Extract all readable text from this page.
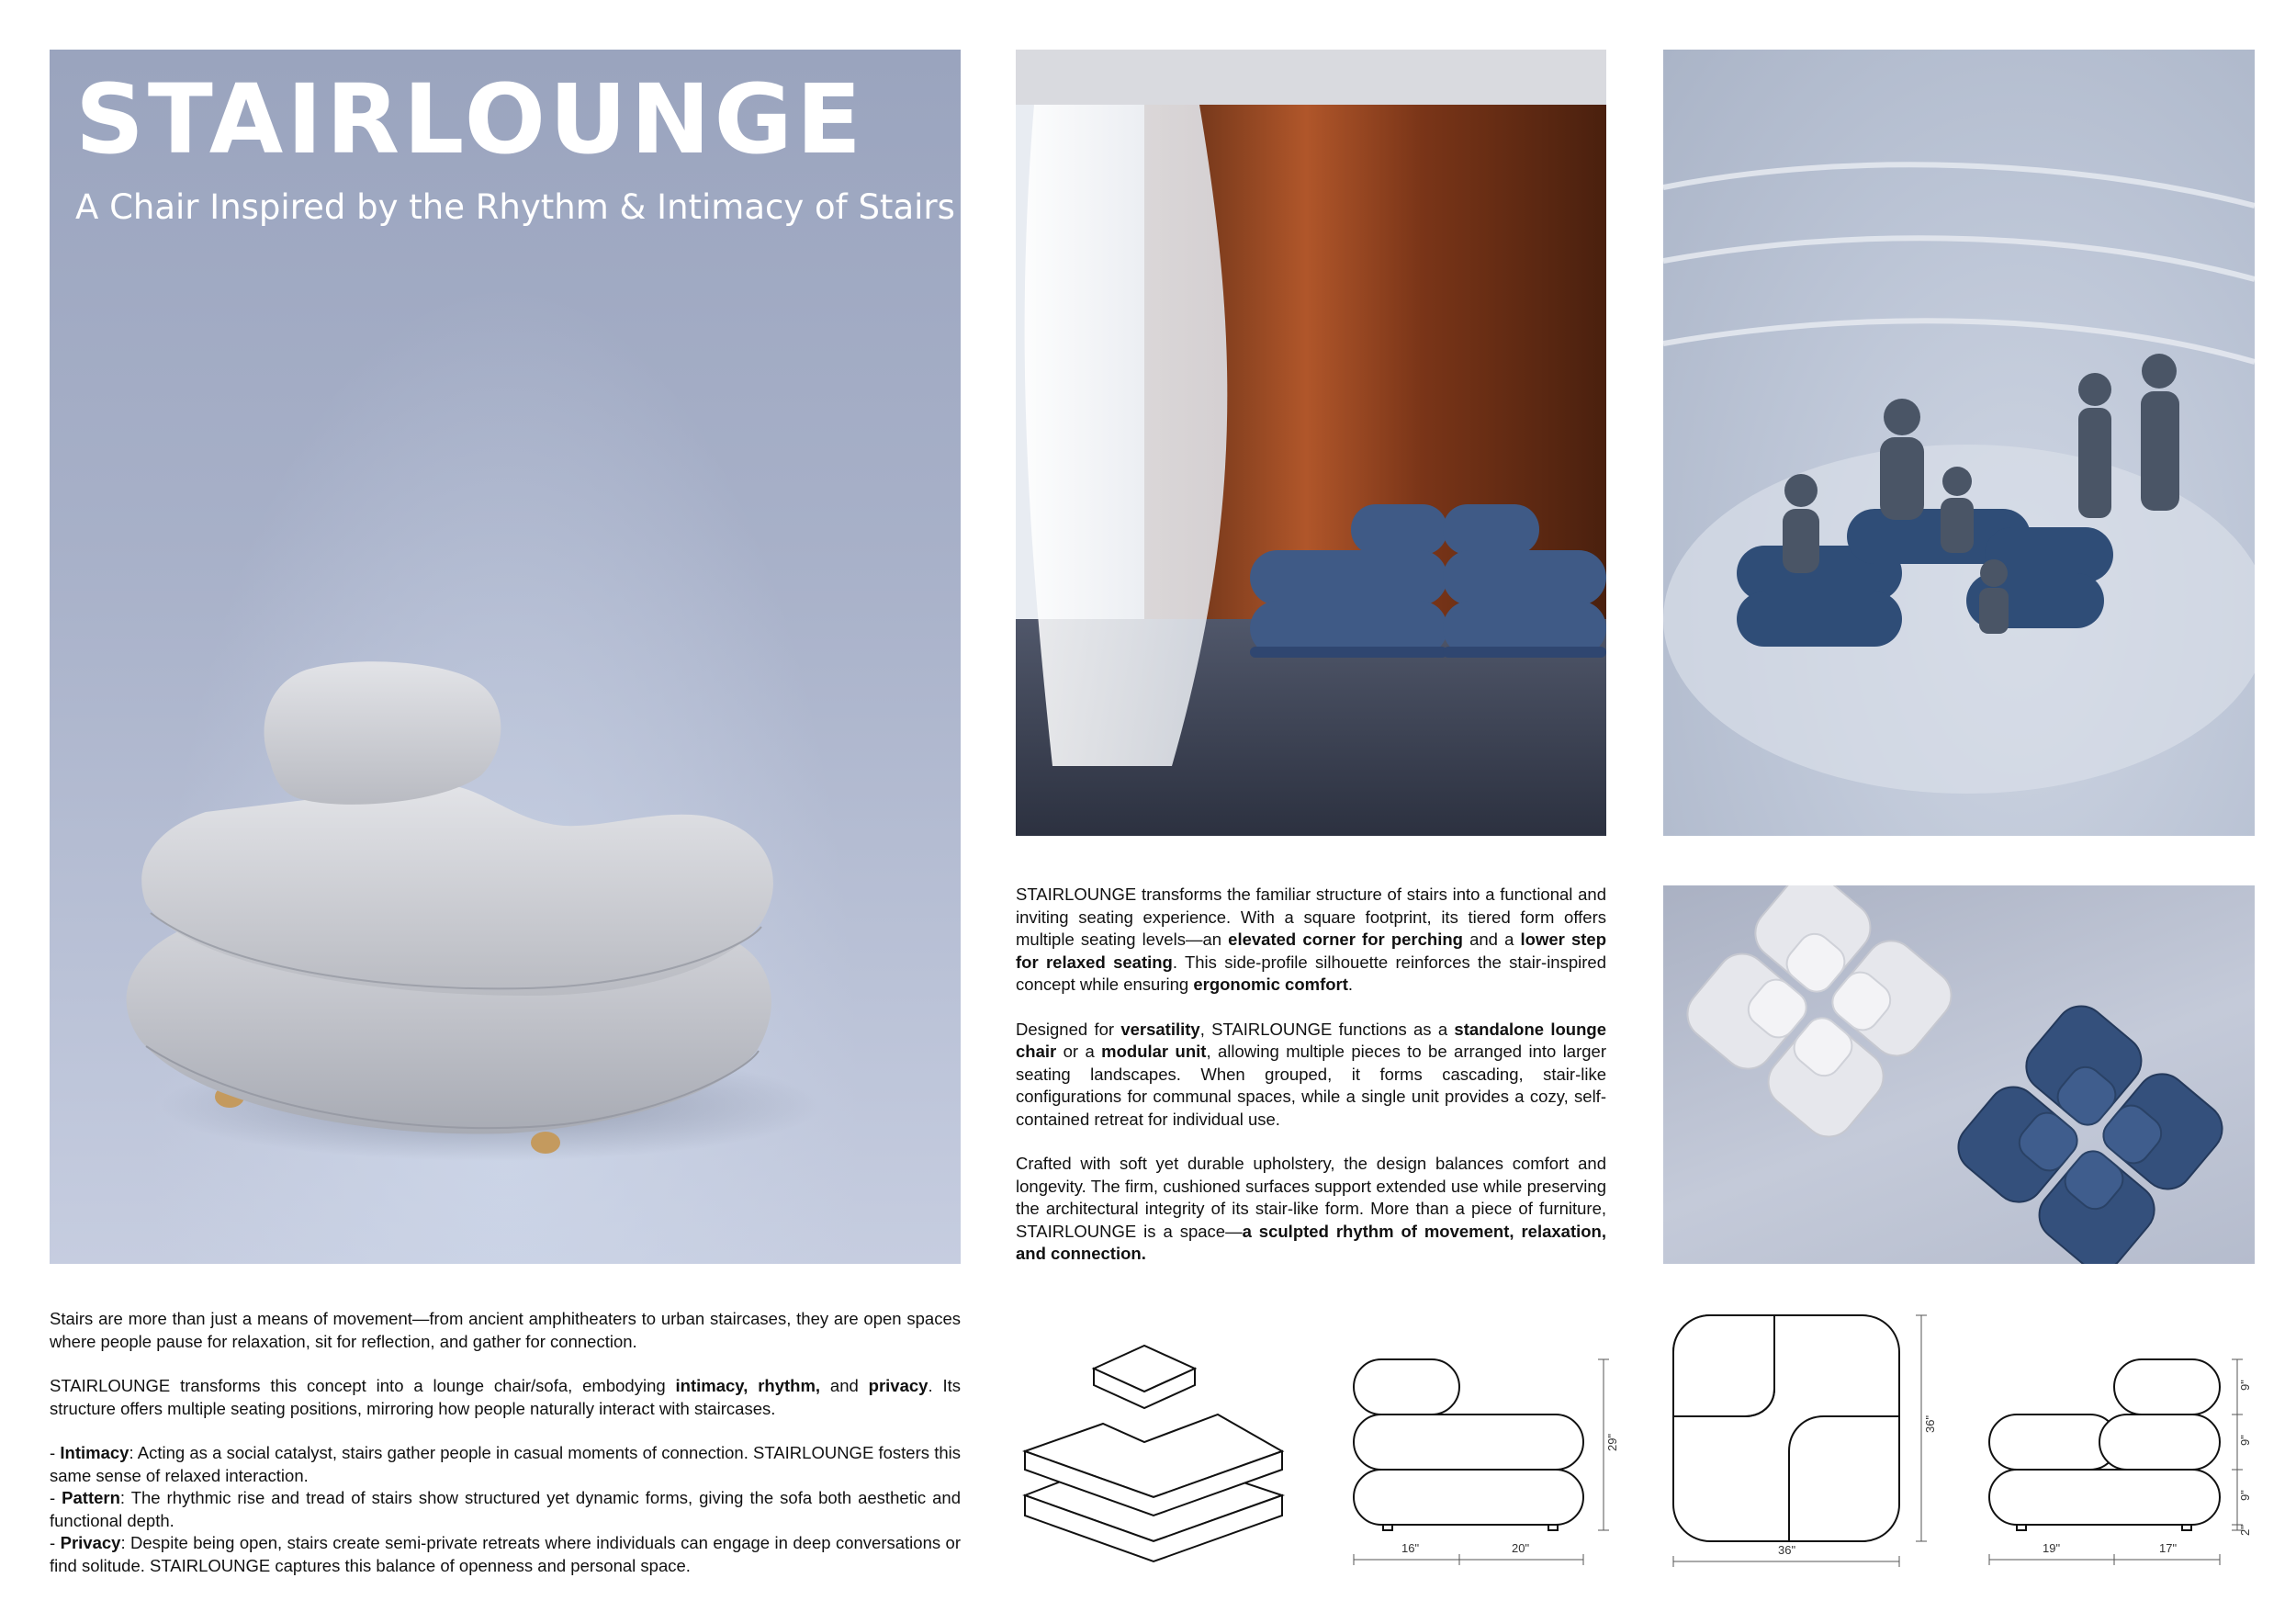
STAIRLOUNGE
A Chair Inspired by the Rhythm & Intimacy of Stairs

STAIRLOUNGE transforms the familiar structure of stairs into a functional and inviting seating experience. With a square footprint, its tiered form offers multiple seating levels—an elevated corner for perching and a lower step for relaxed seating. This side-profile silhouette reinforces the stair-inspired concept while ensuring ergonomic comfort.

Designed for versatility, STAIRLOUNGE functions as a standalone lounge chair or a modular unit, allowing multiple pieces to be arranged into larger seating landscapes. When grouped, it forms cascading, stair-like configurations for communal spaces, while a single unit provides a cozy, self-contained retreat for individual use.

Crafted with soft yet durable upholstery, the design balances comfort and longevity. The firm, cushioned surfaces support extended use while preserving the architectural integrity of its stair-like form. More than a piece of furniture, STAIRLOUNGE is a space—a sculpted rhythm of movement, relaxation, and connection.

Stairs are more than just a means of movement—from ancient amphitheaters to urban staircases, they are open spaces where people pause for relaxation, sit for reflection, and gather for connection.

STAIRLOUNGE transforms this concept into a lounge chair/sofa, embodying intimacy, rhythm, and privacy. Its structure offers multiple seating positions, mirroring how people naturally interact with staircases.

- Intimacy: Acting as a social catalyst, stairs gather people in casual moments of connection. STAIRLOUNGE fosters this same sense of relaxed interaction.

- Pattern: The rhythmic rise and tread of stairs show structured yet dynamic forms, giving the sofa both aesthetic and functional depth.

- Privacy: Despite being open, stairs create semi-private retreats where individuals can engage in deep conversations or find solitude. STAIRLOUNGE captures this balance of openness and personal space.

16"	20"
29"
36"
36"
19"	17"
9"
9"
9"
2"
